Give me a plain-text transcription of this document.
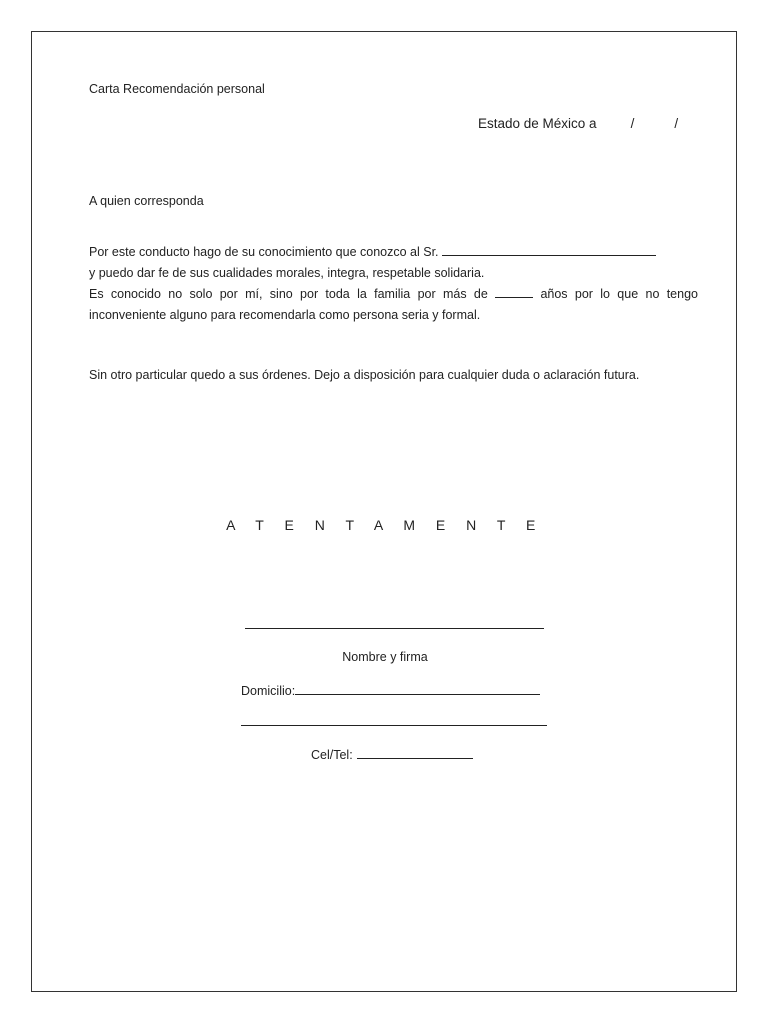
Carta Recomendación personal
Estado de México a	/	/
A quien corresponda
Por este conducto hago de su conocimiento que conozco al Sr.
y puedo dar fe de sus cualidades morales, integra, respetable solidaria.
Es conocido no solo por mí, sino por toda la familia por más de	años por lo que no tengo
inconveniente alguno para recomendarla como persona seria y formal.
Sin otro particular quedo a sus órdenes. Dejo a disposición para cualquier duda o aclaración futura.
A T E N T A M E N T E
Nombre y firma
Domicilio:
Cel/Tel:
